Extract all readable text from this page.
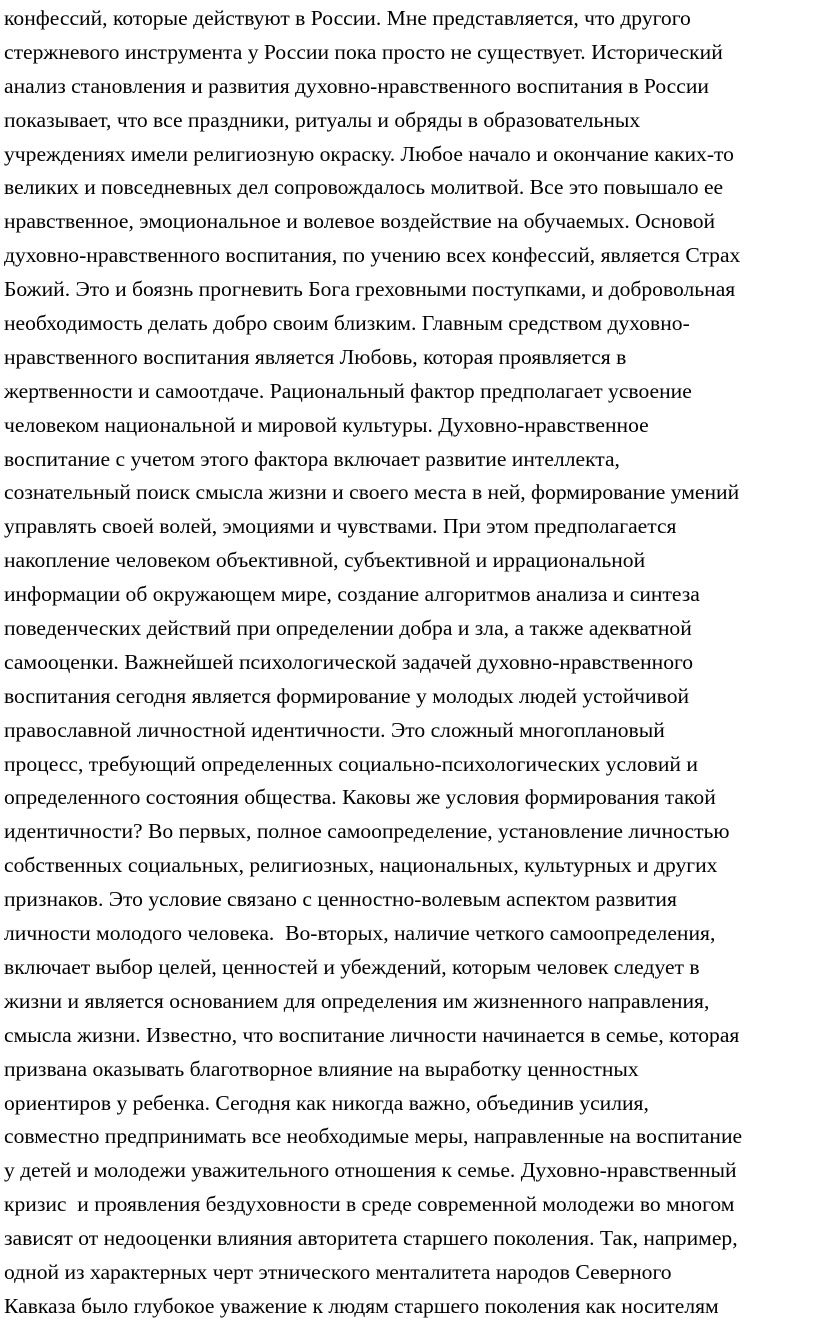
конфессий, которые действуют в России. Мне представляется, что другого
стержневого инструмента у России пока просто не существует. Исторический
анализ становления и развития духовно-нравственного воспитания в России
показывает, что все праздники, ритуалы и обряды в образовательных
учреждениях имели религиозную окраску. Любое начало и окончание каких-то
великих и повседневных дел сопровождалось молитвой. Все это повышало ее
нравственное, эмоциональное и волевое воздействие на обучаемых. Основой
духовно-нравственного воспитания, по учению всех конфессий, является Страх
Божий. Это и боязнь прогневить Бога греховными поступками, и добровольная
необходимость делать добро своим близким. Главным средством духовно-
нравственного воспитания является Любовь, которая проявляется в
жертвенности и самоотдаче. Рациональный фактор предполагает усвоение
человеком национальной и мировой культуры. Духовно-нравственное
воспитание с учетом этого фактора включает развитие интеллекта,
сознательный поиск смысла жизни и своего места в ней, формирование умений
управлять своей волей, эмоциями и чувствами. При этом предполагается
накопление человеком объективной, субъективной и иррациональной
информации об окружающем мире, создание алгоритмов анализа и синтеза
поведенческих действий при определении добра и зла, а также адекватной
самооценки. Важнейшей психологической задачей духовно-нравственного
воспитания сегодня является формирование у молодых людей устойчивой
православной личностной идентичности. Это сложный многоплановый
процесс, требующий определенных социально-психологических условий и
определенного состояния общества. Каковы же условия формирования такой
идентичности? Во первых, полное самоопределение, установление личностью
собственных социальных, религиозных, национальных, культурных и других
признаков. Это условие связано с ценностно-волевым аспектом развития
личности молодого человека.  Во-вторых, наличие четкого самоопределения,
включает выбор целей, ценностей и убеждений, которым человек следует в
жизни и является основанием для определения им жизненного направления,
смысла жизни. Известно, что воспитание личности начинается в семье, которая
призвана оказывать благотворное влияние на выработку ценностных
ориентиров у ребенка. Сегодня как никогда важно, объединив усилия,
совместно предпринимать все необходимые меры, направленные на воспитание
у детей и молодежи уважительного отношения к семье. Духовно-нравственный
кризис  и проявления бездуховности в среде современной молодежи во многом
зависят от недооценки влияния авторитета старшего поколения. Так, например,
одной из характерных черт этнического менталитета народов Северного
Кавказа было глубокое уважение к людям старшего поколения как носителям
